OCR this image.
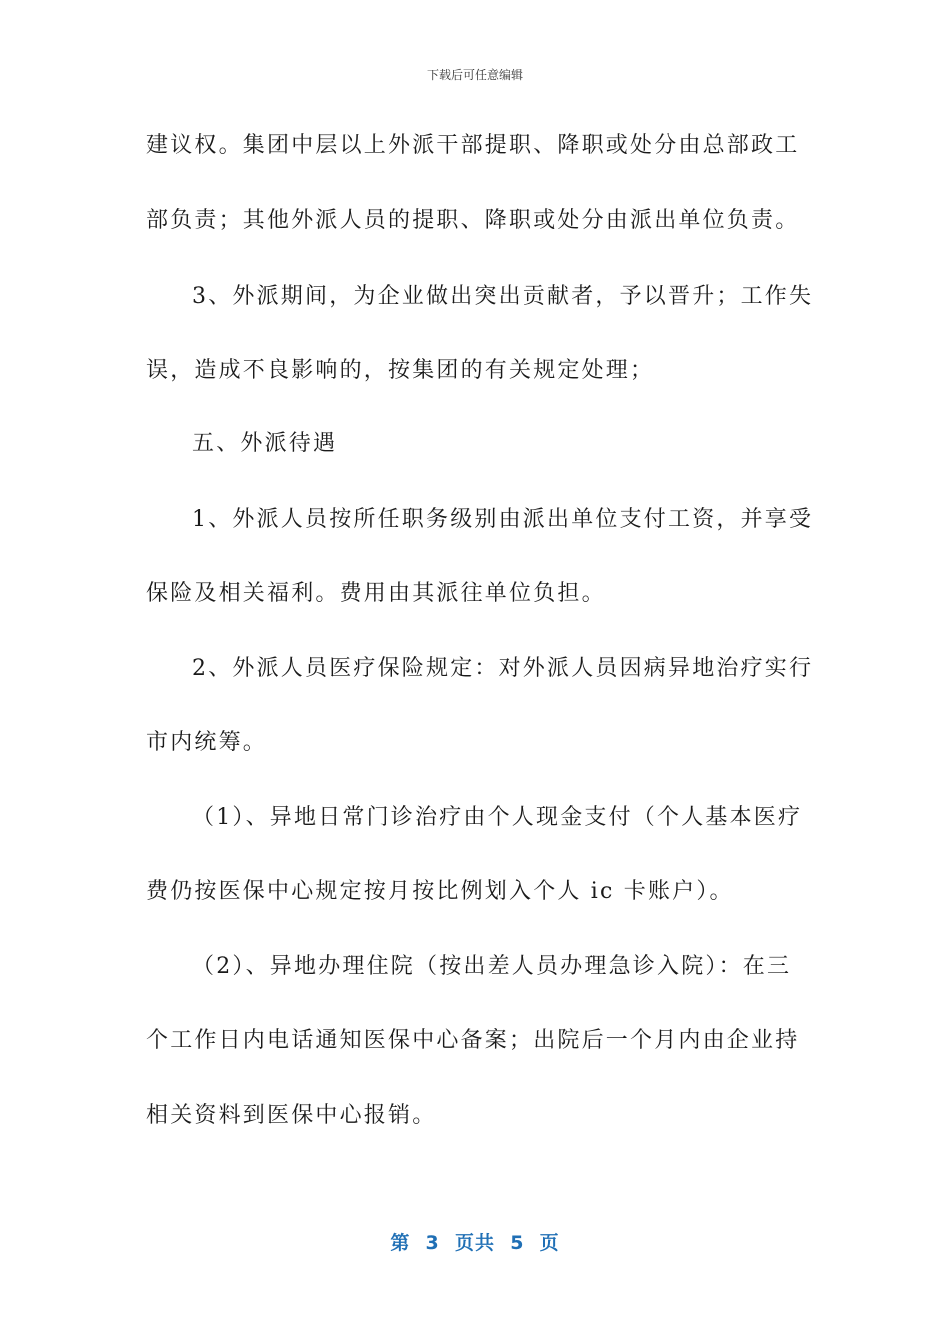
下载后可任意编辑
建议权。集团中层以上外派干部提职、降职或处分由总部政工
部负责；其他外派人员的提职、降职或处分由派出单位负责。
3、外派期间，为企业做出突出贡献者，予以晋升；工作失
误，造成不良影响的，按集团的有关规定处理；
五、外派待遇
1、外派人员按所任职务级别由派出单位支付工资，并享受
保险及相关福利。费用由其派往单位负担。
2、外派人员医疗保险规定：对外派人员因病异地治疗实行
市内统筹。
（1）、异地日常门诊治疗由个人现金支付（个人基本医疗
费仍按医保中心规定按月按比例划入个人 ic 卡账户）。
（2）、异地办理住院（按出差人员办理急诊入院）：在三
个工作日内电话通知医保中心备案；出院后一个月内由企业持
相关资料到医保中心报销。
第  3  页共  5  页
